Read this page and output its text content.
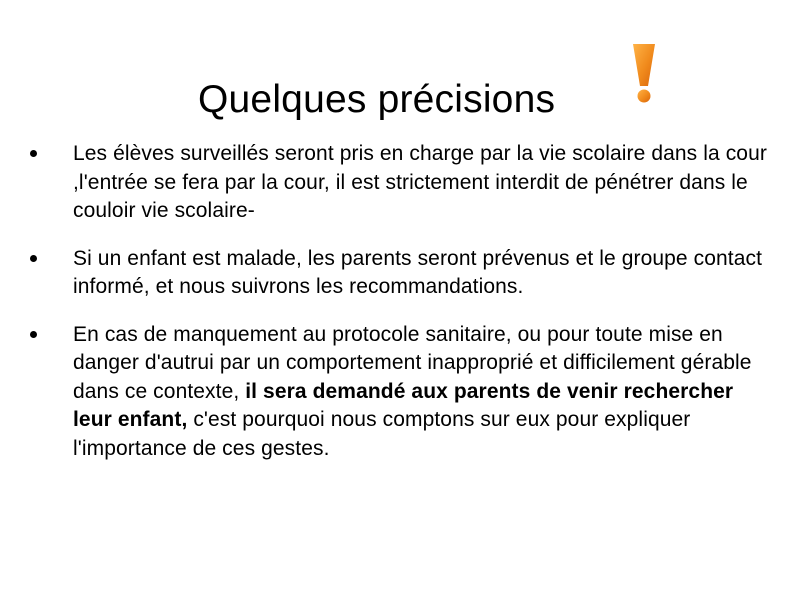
Quelques précisions
Les élèves surveillés seront pris en charge par la vie scolaire dans la cour ,l'entrée se fera par la cour, il est strictement interdit de pénétrer dans le couloir vie scolaire-
Si un enfant est malade, les parents seront prévenus et le groupe contact informé, et nous suivrons les recommandations.
En cas de manquement au protocole sanitaire, ou pour toute mise en danger d'autrui par un comportement inapproprié et difficilement gérable dans ce contexte, il sera demandé aux parents de venir rechercher leur enfant, c'est pourquoi nous comptons sur eux pour expliquer l'importance de ces gestes.
